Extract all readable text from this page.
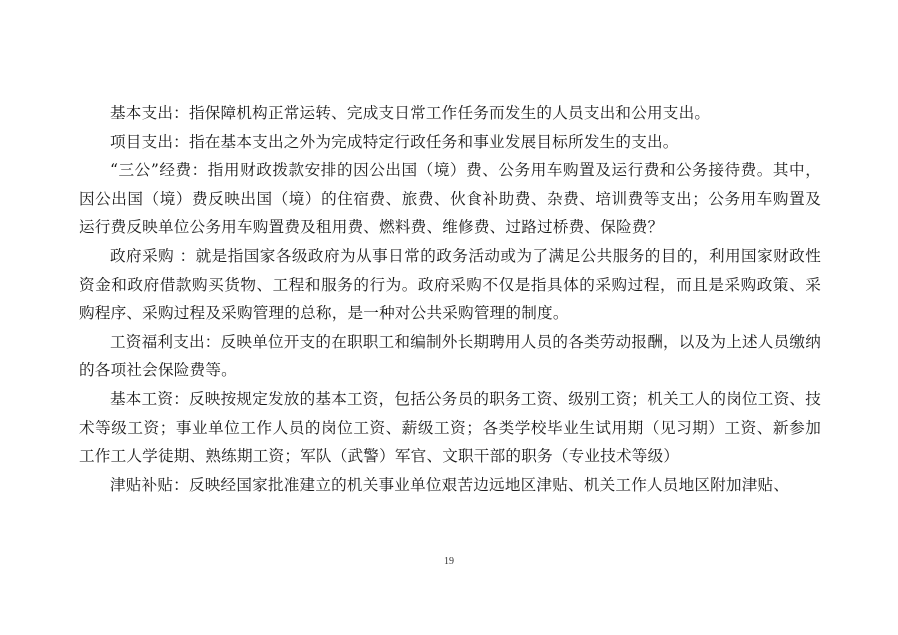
基本支出：指保障机构正常运转、完成支日常工作任务而发生的人员支出和公用支出。

项目支出：指在基本支出之外为完成特定行政任务和事业发展目标所发生的支出。

“三公”经费：指用财政拨款安排的因公出国（境）费、公务用车购置及运行费和公务接待费。其中，因公出国（境）费反映出国（境）的住宿费、旅费、伙食补助费、杂费、培训费等支出；公务用车购置及运行费反映单位公务用车购置费及租用费、燃料费、维修费、过路过桥费、保险费？

政府采购 ：就是指国家各级政府为从事日常的政务活动或为了满足公共服务的目的，利用国家财政性资金和政府借款购买货物、工程和服务的行为。政府采购不仅是指具体的采购过程，而且是采购政策、采购程序、采购过程及采购管理的总称，是一种对公共采购管理的制度。

工资福利支出：反映单位开支的在职职工和编制外长期聘用人员的各类劳动报酬，以及为上述人员缴纳的各项社会保险费等。

基本工资：反映按规定发放的基本工资，包括公务员的职务工资、级别工资；机关工人的岗位工资、技术等级工资；事业单位工作人员的岗位工资、薪级工资；各类学校毕业生试用期（见习期）工资、新参加工作工人学徒期、熟练期工资；军队（武警）军官、文职干部的职务（专业技术等级）

津贴补贴：反映经国家批准建立的机关事业单位艰苦边远地区津贴、机关工作人员地区附加津贴、

19
